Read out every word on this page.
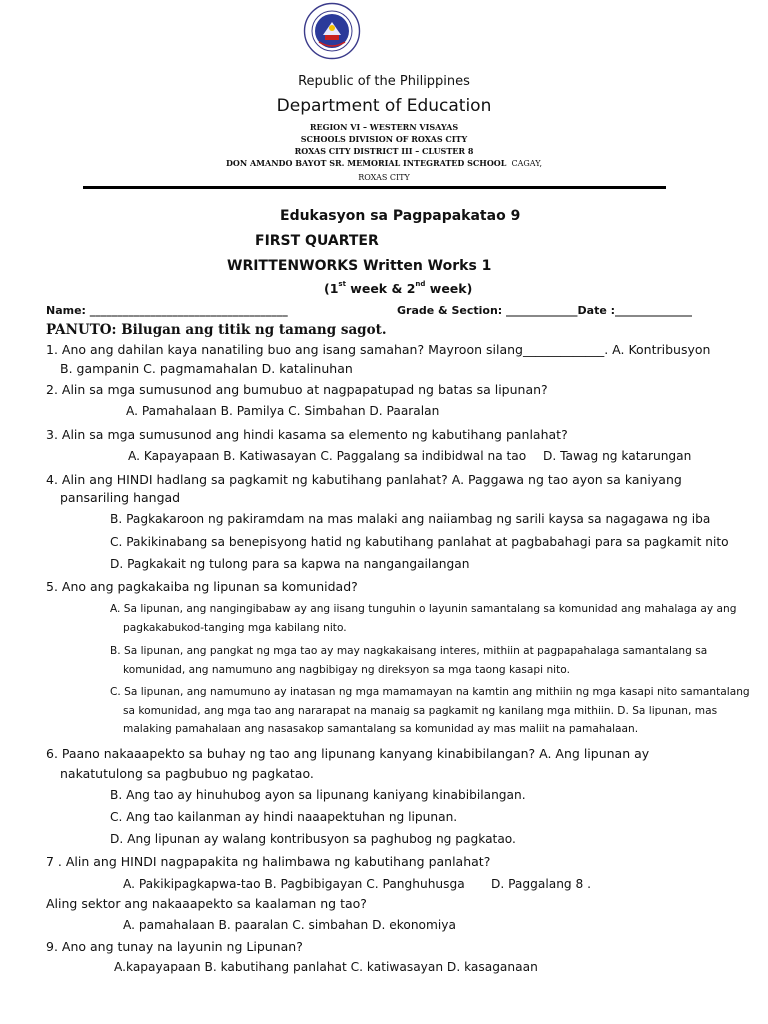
Republic of the Philippines
Department of Education
REGION VI – WESTERN VISAYAS
SCHOOLS DIVISION OF ROXAS CITY
ROXAS CITY DISTRICT III – CLUSTER 8
DON AMANDO BAYOT SR. MEMORIAL INTEGRATED SCHOOL CAGAY,
ROXAS CITY
Edukasyon sa Pagpapakatao 9
FIRST QUARTER
WRITTENWORKS Written Works 1
(1st week & 2nd week)
Name: ____________________________________	Grade & Section: _____________Date :______________
PANUTO: Bilugan ang titik ng tamang sagot.
1. Ano ang dahilan kaya nanatiling buo ang isang samahan? Mayroon silang_____________. A. Kontribusyon
B. gampanin C. pagmamahalan D. katalinuhan
2. Alin sa mga sumusunod ang bumubuo at nagpapatupad ng batas sa lipunan?
A. Pamahalaan B. Pamilya C. Simbahan D. Paaralan
3. Alin sa mga sumusunod ang hindi kasama sa elemento ng kabutihang panlahat?
A. Kapayapaan B. Katiwasayan C. Paggalang sa indibidwal na tao D. Tawag ng katarungan
4. Alin ang HINDI hadlang sa pagkamit ng kabutihang panlahat? A. Paggawa ng tao ayon sa kaniyang
pansariling hangad
B. Pagkakaroon ng pakiramdam na mas malaki ang naiiambag ng sarili kaysa sa nagagawa ng iba
C. Pakikinabang sa benepisyong hatid ng kabutihang panlahat at pagbabahagi para sa pagkamit nito
D. Pagkakait ng tulong para sa kapwa na nangangailangan
5. Ano ang pagkakaiba ng lipunan sa komunidad?
A. Sa lipunan, ang nangingibabaw ay ang iisang tunguhin o layunin samantalang sa komunidad ang mahalaga ay ang
pagkakabukod-tanging mga kabilang nito.
B. Sa lipunan, ang pangkat ng mga tao ay may nagkakaisang interes, mithiin at pagpapahalaga samantalang sa
komunidad, ang namumuno ang nagbibigay ng direksyon sa mga taong kasapi nito.
C. Sa lipunan, ang namumuno ay inatasan ng mga mamamayan na kamtin ang mithiin ng mga kasapi nito samantalang
sa komunidad, ang mga tao ang nararapat na manaig sa pagkamit ng kanilang mga mithiin. D. Sa lipunan, mas
malaking pamahalaan ang nasasakop samantalang sa komunidad ay mas maliit na pamahalaan.
6. Paano nakaaapekto sa buhay ng tao ang lipunang kanyang kinabibilangan? A. Ang lipunan ay
nakatutulong sa pagbubuo ng pagkatao.
B. Ang tao ay hinuhubog ayon sa lipunang kaniyang kinabibilangan.
C. Ang tao kailanman ay hindi naaapektuhan ng lipunan.
D. Ang lipunan ay walang kontribusyon sa paghubog ng pagkatao.
7 . Alin ang HINDI nagpapakita ng halimbawa ng kabutihang panlahat?
A. Pakikipagkapwa-tao B. Pagbibigayan C. Panghuhusga D. Paggalang 8 .
Aling sektor ang nakaaapekto sa kaalaman ng tao?
A. pamahalaan B. paaralan C. simbahan D. ekonomiya
9. Ano ang tunay na layunin ng Lipunan?
A.kapayapaan B. kabutihang panlahat C. katiwasayan D. kasaganaan
